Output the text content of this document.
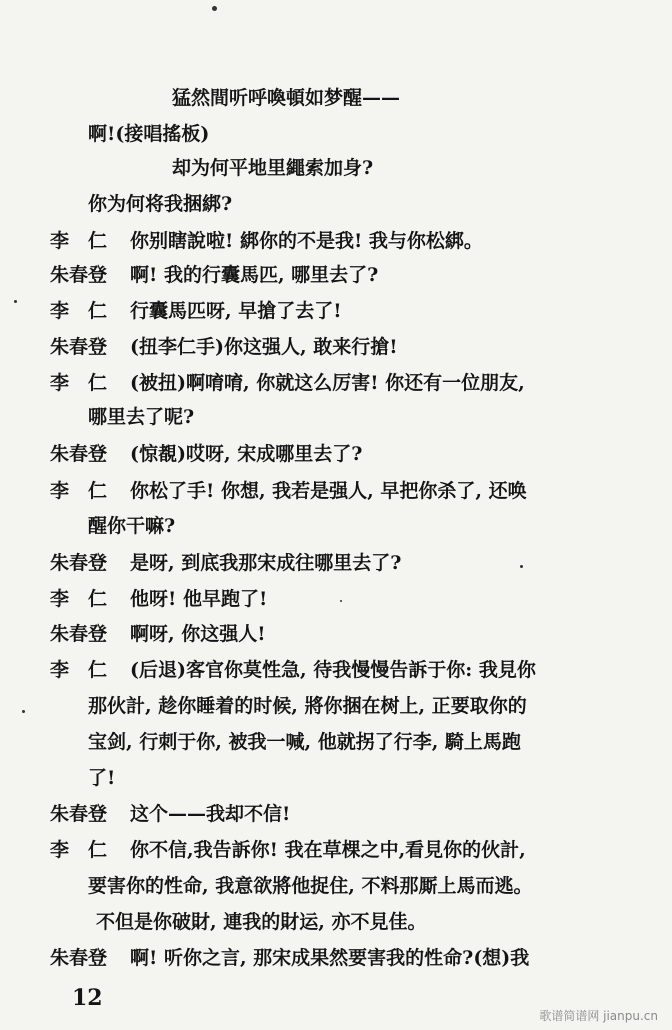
猛然間听呼喚頓如梦醒——
啊!(接唱搖板)
却为何平地里繩索加身?
你为何将我捆綁?
李　仁 你别瞎說啦! 綁你的不是我! 我与你松綁。
朱春登 啊! 我的行囊馬匹, 哪里去了?
李　仁 行囊馬匹呀, 早搶了去了!
朱春登 (扭李仁手)你这强人, 敢来行搶!
李　仁 (被扭)啊唷唷, 你就这么厉害! 你还有一位朋友,
哪里去了呢?
朱春登 (惊覩)哎呀, 宋成哪里去了?
李　仁 你松了手! 你想, 我若是强人, 早把你杀了, 还唤
醒你干嘛?
朱春登 是呀, 到底我那宋成往哪里去了?
李　仁 他呀! 他早跑了!
朱春登 啊呀, 你这强人!
李　仁 (后退)客官你莫性急, 待我慢慢告訴于你: 我見你
那伙計, 趁你睡着的时候, 將你捆在树上, 正要取你的
宝剑, 行刺于你, 被我一喊, 他就拐了行李, 騎上馬跑
了!
朱春登 这个——我却不信!
李　仁 你不信,我告訴你! 我在草棵之中,看見你的伙計,
要害你的性命, 我意欲將他捉住, 不料那厮上馬而逃。
不但是你破財, 連我的財运, 亦不見佳。
朱春登 啊! 听你之言, 那宋成果然要害我的性命?(想)我
12
歌谱简谱网 jianpu.cn
